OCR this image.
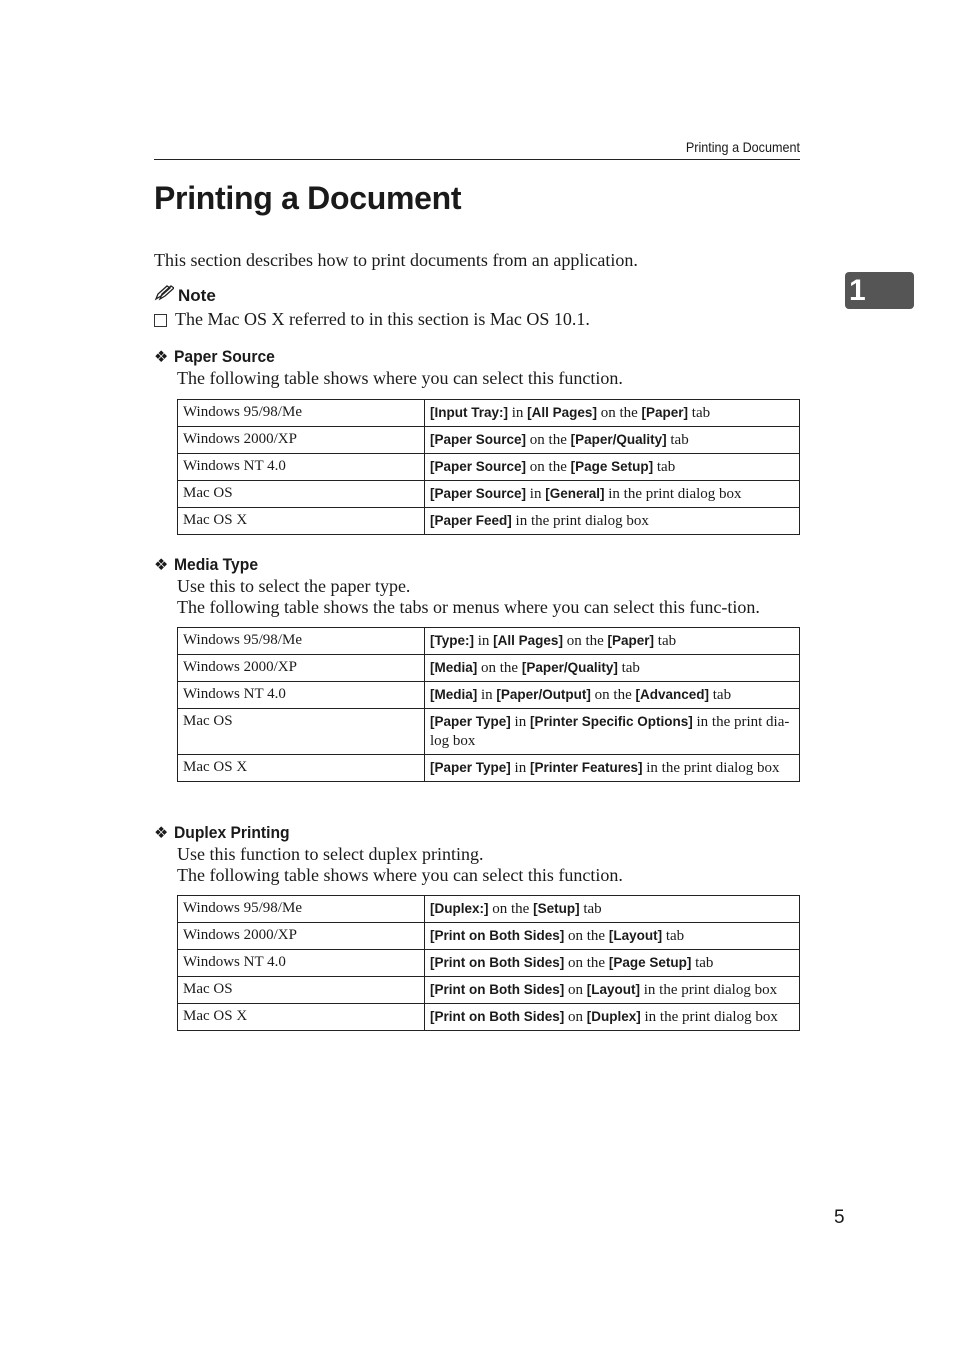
Printing a Document
Printing a Document
1

This section describes how to print documents from an application.

Note
The Mac OS X referred to in this section is Mac OS 10.1.
❖ Paper Source

The following table shows where you can select this function.

Windows 95/98/Me	[Input Tray:] in [All Pages] on the [Paper] tab
Windows 2000/XP	[Paper Source] on the [Paper/Quality] tab
Windows NT 4.0	[Paper Source] on the [Page Setup] tab
Mac OS	[Paper Source] in [General] in the print dialog box
Mac OS X	[Paper Feed] in the print dialog box
❖ Media Type

Use this to select the paper type.

The following table shows the tabs or menus where you can select this func-tion.

Windows 95/98/Me	[Type:] in [All Pages] on the [Paper] tab
Windows 2000/XP	[Media] on the [Paper/Quality] tab
Windows NT 4.0	[Media] in [Paper/Output] on the [Advanced] tab
Mac OS	[Paper Type] in [Printer Specific Options] in the print dia-log box
Mac OS X	[Paper Type] in [Printer Features] in the print dialog box
❖ Duplex Printing

Use this function to select duplex printing.

The following table shows where you can select this function.

Windows 95/98/Me	[Duplex:] on the [Setup] tab
Windows 2000/XP	[Print on Both Sides] on the [Layout] tab
Windows NT 4.0	[Print on Both Sides] on the [Page Setup] tab
Mac OS	[Print on Both Sides] on [Layout] in the print dialog box
Mac OS X	[Print on Both Sides] on [Duplex] in the print dialog box
5
